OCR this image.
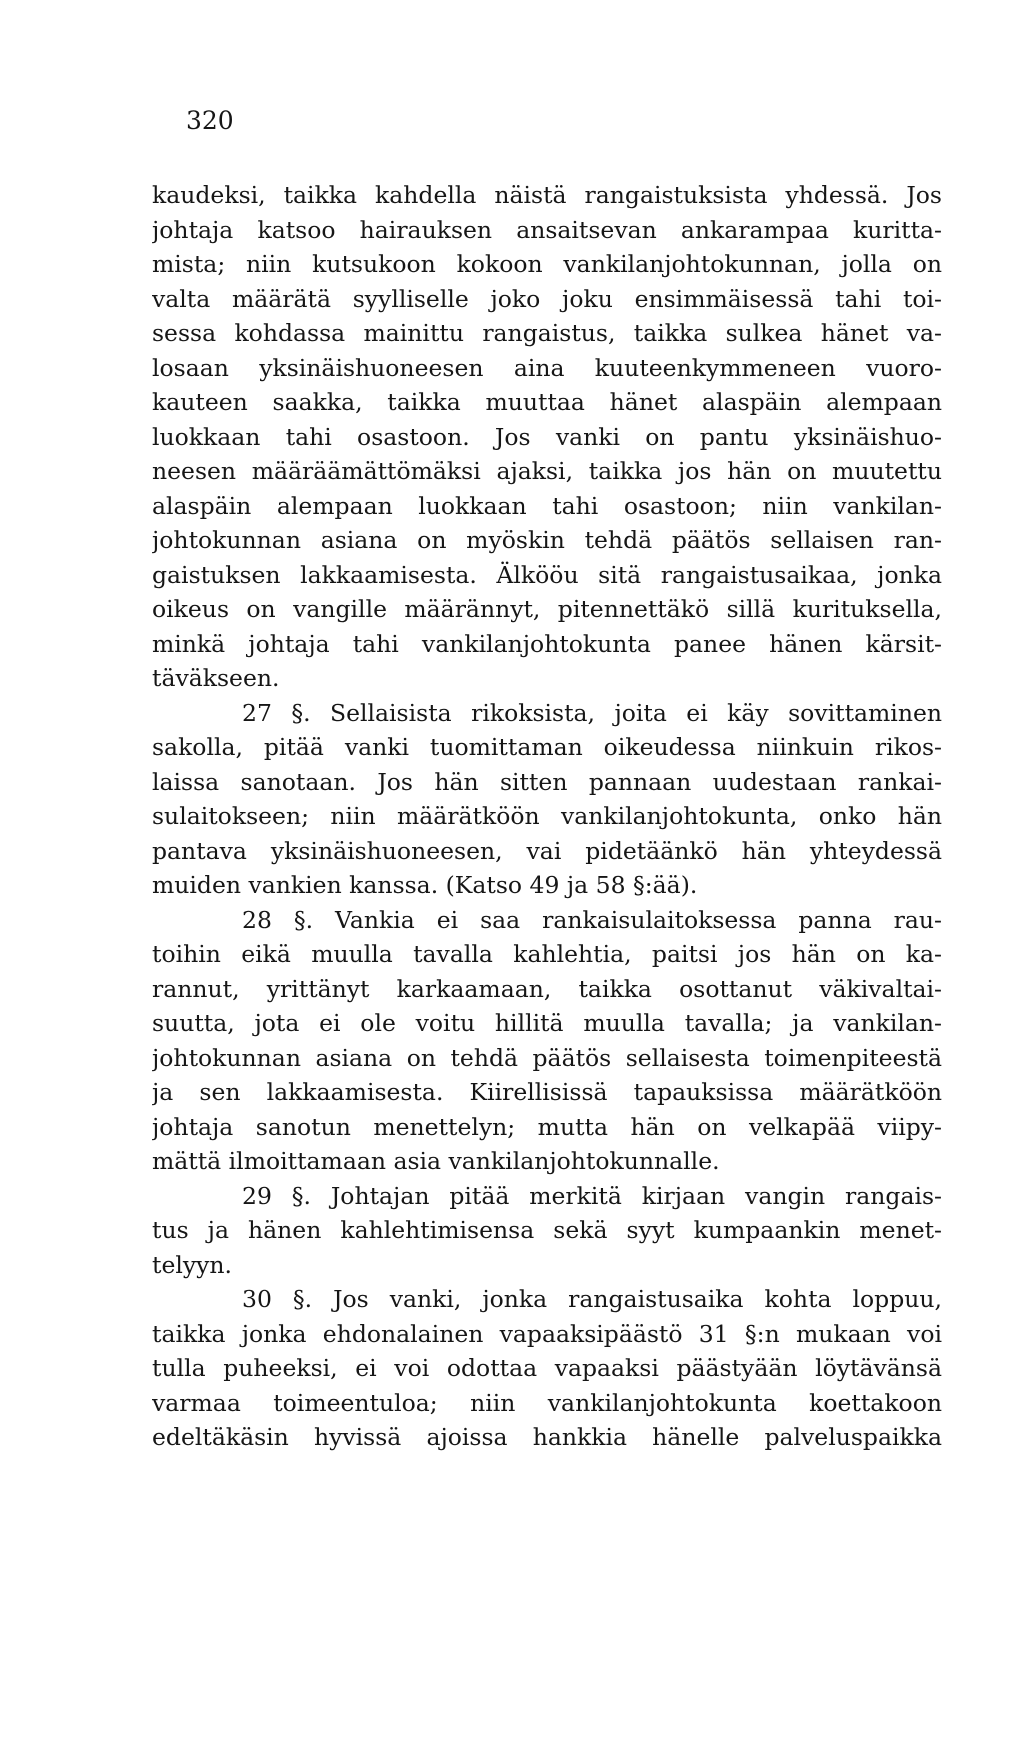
320
kaudeksi, taikka kahdella näistä rangaistuksista yhdessä. Jos
johtaja katsoo hairauksen ansaitsevan ankarampaa kuritta-
mista; niin kutsukoon kokoon vankilanjohtokunnan, jolla on
valta määrätä syylliselle joko joku ensimmäisessä tahi toi-
sessa kohdassa mainittu rangaistus, taikka sulkea hänet va-
losaan yksinäishuoneesen aina kuuteenkymmeneen vuoro-
kauteen saakka, taikka muuttaa hänet alaspäin alempaan
luokkaan tahi osastoon. Jos vanki on pantu yksinäishuo-
neesen määräämättömäksi ajaksi, taikka jos hän on muutettu
alaspäin alempaan luokkaan tahi osastoon; niin vankilan-
johtokunnan asiana on myöskin tehdä päätös sellaisen ran-
gaistuksen lakkaamisesta. Älkööu sitä rangaistusaikaa, jonka
oikeus on vangille määrännyt, pitennettäkö sillä kurituksella,
minkä johtaja tahi vankilanjohtokunta panee hänen kärsit-
täväkseen.
27 §. Sellaisista rikoksista, joita ei käy sovittaminen
sakolla, pitää vanki tuomittaman oikeudessa niinkuin rikos-
laissa sanotaan. Jos hän sitten pannaan uudestaan rankai-
sulaitokseen; niin määrätköön vankilanjohtokunta, onko hän
pantava yksinäishuoneesen, vai pidetäänkö hän yhteydessä
muiden vankien kanssa. (Katso 49 ja 58 §:ää).
28 §. Vankia ei saa rankaisulaitoksessa panna rau-
toihin eikä muulla tavalla kahlehtia, paitsi jos hän on ka-
rannut, yrittänyt karkaamaan, taikka osottanut väkivaltai-
suutta, jota ei ole voitu hillitä muulla tavalla; ja vankilan-
johtokunnan asiana on tehdä päätös sellaisesta toimenpiteestä
ja sen lakkaamisesta. Kiirellisissä tapauksissa määrätköön
johtaja sanotun menettelyn; mutta hän on velkapää viipy-
mättä ilmoittamaan asia vankilanjohtokunnalle.
29 §. Johtajan pitää merkitä kirjaan vangin rangais-
tus ja hänen kahlehtimisensa sekä syyt kumpaankin menet-
telyyn.
30 §. Jos vanki, jonka rangaistusaika kohta loppuu,
taikka jonka ehdonalainen vapaaksipäästö 31 §:n mukaan voi
tulla puheeksi, ei voi odottaa vapaaksi päästyään löytävänsä
varmaa toimeentuloa; niin vankilanjohtokunta koettakoon
edeltäkäsin hyvissä ajoissa hankkia hänelle palveluspaikka
